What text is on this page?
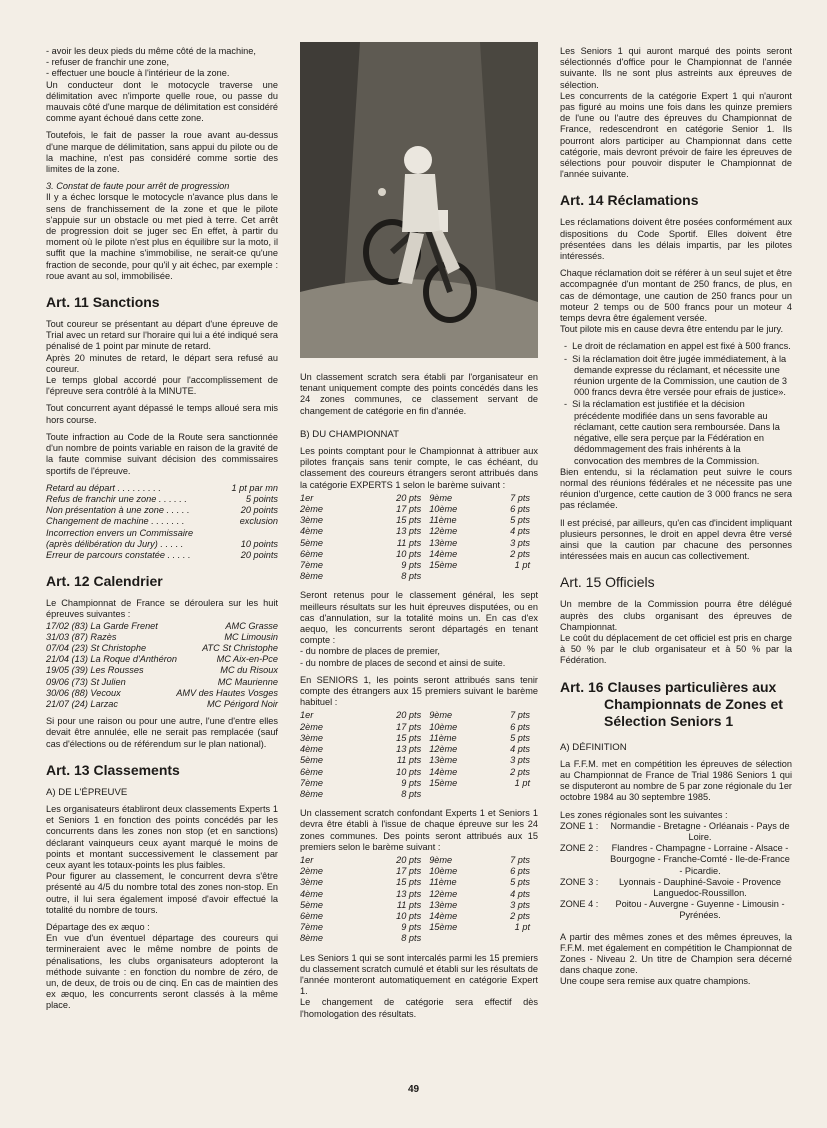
- avoir les deux pieds du même côté de la machine,
- refuser de franchir une zone,
- effectuer une boucle à l'intérieur de la zone.

Un conducteur dont le motocycle traverse une délimitation avec n'importe quelle roue, ou passe du mauvais côté d'une marque de délimitation est considéré comme ayant échoué dans cette zone.

Toutefois, le fait de passer la roue avant au-dessus d'une marque de délimitation, sans appui du pilote ou de la machine, n'est pas considéré comme sortie des limites de la zone.

3. Constat de faute pour arrêt de progression

Il y a échec lorsque le motocycle n'avance plus dans le sens de franchissement de la zone et que le pilote s'appuie sur un obstacle ou met pied à terre. Cet arrêt de progression doit se juger sec En effet, à partir du moment où le pilote n'est plus en équilibre sur la moto, il suffit que la machine s'immobilise, ne serait-ce qu'une fraction de seconde, pour qu'il y ait échec, par exemple : roue avant au sol, immobilisée.

Art. 11 Sanctions

Tout coureur se présentant au départ d'une épreuve de Trial avec un retard sur l'horaire qui lui a été indiqué sera pénalisé de 1 point par minute de retard.

Après 20 minutes de retard, le départ sera refusé au coureur.

Le temps global accordé pour l'accomplissement de l'épreuve sera contrôlé à la MINUTE.

Tout concurrent ayant dépassé le temps alloué sera mis hors course.

Toute infraction au Code de la Route sera sanctionnée d'un nombre de points variable en raison de la gravité de la faute commise suivant décision des commissaires sportifs de l'épreuve.

Retard au départ . . . . . . . . .	1 pt par mn
Refus de franchir une zone . . . . . .	5 points
Non présentation à une zone . . . . .	20 points
Changement de machine . . . . . . .	exclusion
Incorrection envers un Commissaire
(après délibération du Jury) . . . . .	10 points
Erreur de parcours constatée . . . . .	20 points
Art. 12 Calendrier

Le Championnat de France se déroulera sur les huit épreuves suivantes :

17/02 (83) La Garde Frenet	AMC Grasse
31/03 (87) Razès	MC Limousin
07/04 (23) St Christophe	ATC St Christophe
21/04 (13) La Roque d'Anthéron	MC Aix-en-Pce
19/05 (39) Les Rousses	MC du Risoux
09/06 (73) St Julien	MC Maurienne
30/06 (88) Vecoux	AMV des Hautes Vosges
21/07 (24) Larzac	MC Périgord Noir

Si pour une raison ou pour une autre, l'une d'entre elles devait être annulée, elle ne serait pas remplacée (sauf cas d'élections ou de référendum sur le plan national).

Art. 13 Classements
A) DE L'ÉPREUVE

Les organisateurs établiront deux classements Experts 1 et Seniors 1 en fonction des points concédés par les concurrents dans les zones non stop (et en sanctions) déclarant vainqueurs ceux ayant marqué le moins de points et montant successivement le classement par ceux ayant les totaux-points les plus faibles.

Pour figurer au classement, le concurrent devra s'être présenté au 4/5 du nombre total des zones non-stop. En outre, il lui sera également imposé d'avoir effectué la totalité du nombre de tours.

Départage des ex æquo :

En vue d'un éventuel départage des coureurs qui termineraient avec le même nombre de points de pénalisations, les clubs organisateurs adopteront la méthode suivante : en fonction du nombre de zéro, de un, de deux, de trois ou de cinq. En cas de maintien des ex æquo, les concurrents seront classés à la même place.

Un classement scratch sera établi par l'organisateur en tenant uniquement compte des points concédés dans les 24 zones communes, ce classement servant de changement de catégorie en fin d'année.

B) DU CHAMPIONNAT

Les points comptant pour le Championnat à attribuer aux pilotes français sans tenir compte, le cas échéant, du classement des coureurs étrangers seront attribués dans la catégorie EXPERTS 1 selon le barème suivant :

1er	20 pts 9ème	7 pts
2ème	17 pts 10ème	6 pts
3ème	15 pts 11ème	5 pts
4ème	13 pts 12ème	4 pts
5ème	11 pts 13ème	3 pts
6ème	10 pts 14ème	2 pts
7ème	9 pts 15ème	1 pt
8ème	8 pts

Seront retenus pour le classement général, les sept meilleurs résultats sur les huit épreuves disputées, ou en cas d'annulation, sur la totalité moins un. En cas d'ex aequo, les concurrents seront départagés en tenant compte :

- du nombre de places de premier,
- du nombre de places de second et ainsi de suite.

En SENIORS 1, les points seront attribués sans tenir compte des étrangers aux 15 premiers suivant le barème habituel :

1er	20 pts 9ème	7 pts
2ème	17 pts 10ème	6 pts
3ème	15 pts 11ème	5 pts
4ème	13 pts 12ème	4 pts
5ème	11 pts 13ème	3 pts
6ème	10 pts 14ème	2 pts
7ème	9 pts 15ème	1 pt
8ème	8 pts

Un classement scratch confondant Experts 1 et Seniors 1 devra être établi à l'issue de chaque épreuve sur les 24 zones communes. Des points seront attribués aux 15 premiers selon le barème suivant :

1er	20 pts 9ème	7 pts
2ème	17 pts 10ème	6 pts
3ème	15 pts 11ème	5 pts
4ème	13 pts 12ème	4 pts
5ème	11 pts 13ème	3 pts
6ème	10 pts 14ème	2 pts
7ème	9 pts 15ème	1 pt
8ème	8 pts

Les Seniors 1 qui se sont intercalés parmi les 15 premiers du classement scratch cumulé et établi sur les résultats de l'année monteront automatiquement en catégorie Expert 1.

Le changement de catégorie sera effectif dès l'homologation des résultats.

Les Seniors 1 qui auront marqué des points seront sélectionnés d'office pour le Championnat de l'année suivante. Ils ne sont plus astreints aux épreuves de sélection.

Les concurrents de la catégorie Expert 1 qui n'auront pas figuré au moins une fois dans les quinze premiers de l'une ou l'autre des épreuves du Championnat de France, redescendront en catégorie Senior 1. Ils pourront alors participer au Championnat dans cette catégorie, mais devront prévoir de faire les épreuves de sélections pour pouvoir disputer le Championnat de l'année suivante.

Art. 14 Réclamations

Les réclamations doivent être posées conformément aux dispositions du Code Sportif. Elles doivent être présentées dans les délais impartis, par les pilotes intéressés.

Chaque réclamation doit se référer à un seul sujet et être accompagnée d'un montant de 250 francs, de plus, en cas de démontage, une caution de 250 francs pour un moteur 2 temps ou de 500 francs pour un moteur 4 temps devra être également versée.

Tout pilote mis en cause devra être entendu par le jury.

-  Le droit de réclamation en appel est fixé à 500 francs.
-  Si la réclamation doit être jugée immédiatement, à la demande expresse du réclamant, et nécessite une réunion urgente de la Commission, une caution de 3 000 francs devra être versée pour efrais de justice».
-  Si la réclamation est justifiée et la décision précédente modifiée dans un sens favorable au réclamant, cette caution sera remboursée. Dans la négative, elle sera perçue par la Fédération en dédommagement des frais inhérents à la convocation des membres de la Commission.

Bien entendu, si la réclamation peut suivre le cours normal des réunions fédérales et ne nécessite pas une réunion d'urgence, cette caution de 3 000 francs ne sera pas réclamée.

Il est précisé, par ailleurs, qu'en cas d'incident impliquant plusieurs personnes, le droit en appel devra être versé ainsi que la caution par chacune des personnes intéressées mais en aucun cas collectivement.

Art. 15 Officiels

Un membre de la Commission pourra être délégué auprès des clubs organisant des épreuves de Championnat.

Le coût du déplacement de cet officiel est pris en charge à 50 % par le club organisateur et à 50 % par la Fédération.

Art. 16 Clauses particulières aux Championnats de Zones et Sélection Seniors 1
A) DÉFINITION

La F.F.M. met en compétition les épreuves de sélection au Championnat de France de Trial 1986 Seniors 1 qui se disputeront au nombre de 5 par zone régionale du 1er octobre 1984 au 30 septembre 1985.

Les zones régionales sont les suivantes :

ZONE 1 :	Normandie - Bretagne - Orléanais - Pays de Loire.
ZONE 2 :	Flandres - Champagne - Lorraine - Alsace - Bourgogne - Franche-Comté - Ile-de-France - Picardie.
ZONE 3 :	Lyonnais - Dauphiné-Savoie - Provence Languedoc-Roussillon.
ZONE 4 :	Poitou - Auvergne - Guyenne - Limousin - Pyrénées.

A partir des mêmes zones et des mêmes épreuves, la F.F.M. met également en compétition le Championnat de Zones - Niveau 2. Un titre de Champion sera décerné dans chaque zone.

Une coupe sera remise aux quatre champions.

49
